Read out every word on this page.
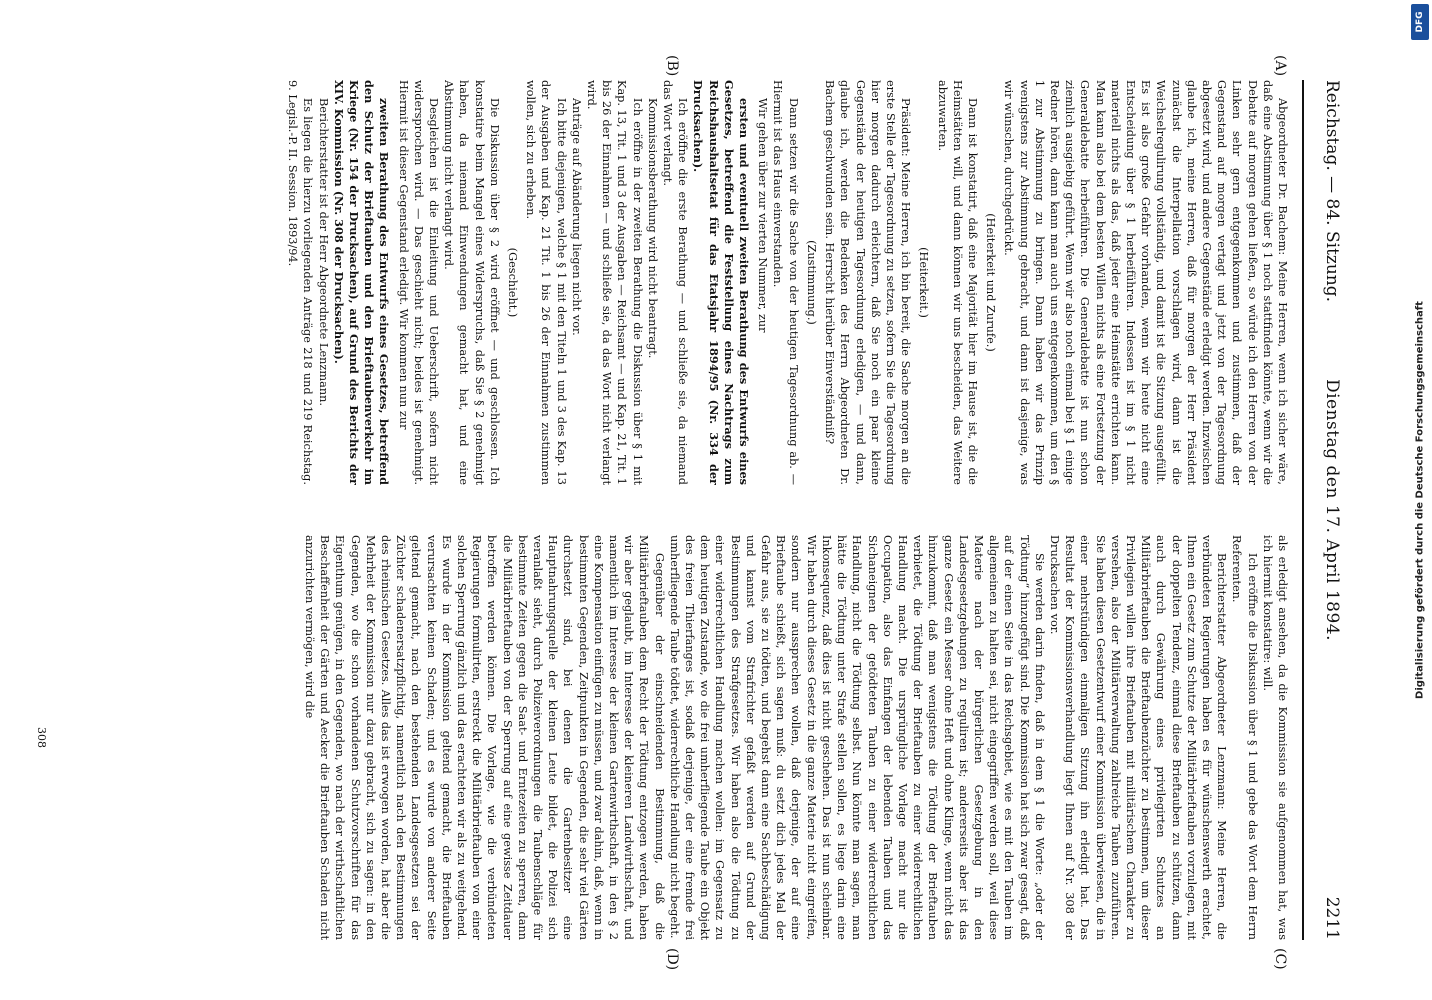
Reichstag. — 84. Sitzung.
Dienstag den 17. April 1894.
2211
(A)
(B)
(C)
(D)

Abgeordneter Dr. Bachem: Meine Herren, wenn ich sicher wäre, daß eine Abstimmung über § 1 noch stattfinden könnte, wenn wir die Debatte auf morgen gehen ließen, so würde ich den Herren von der Linken sehr gern entgegenkommen und zustimmen, daß der Gegenstand auf morgen vertagt und jetzt von der Tagesordnung abgesetzt wird, und andere Gegenstände erledigt werden. Inzwischen glaube ich, meine Herren, daß für morgen der Herr Präsident zunächst die Interpellation vorschlagen wird, dann ist die Weichselregulirung vollständig, und damit ist die Sitzung ausgefüllt. Es ist also große Gefahr vorhanden, wenn wir heute nicht eine Entscheidung über § 1 herbeiführen. Indessen ist im § 1 nicht materiell nichts als das, daß jeder eine Heimstätte errichten kann. Man kann also bei dem besten Willen nichts als eine Fortsetzung der Generaldebatte herbeiführen. Die Generaldebatte ist nun schon ziemlich ausgiebig geführt. Wenn wir also noch einmal bei § 1 einige Redner hören, dann kann man auch uns entgegenkommen, um den § 1 zur Abstimmung zu bringen. Dann haben wir das Prinzip wenigstens zur Abstimmung gebracht, und dann ist dasjenige, was wir wünschen, durchgedrückt.

(Heiterkeit und Zurufe.)

Dann ist konstatirt, daß eine Majorität hier im Hause ist, die die Heimstätten will, und dann können wir uns bescheiden, das Weitere abzuwarten.

(Heiterkeit.)

Präsident: Meine Herren, ich bin bereit, die Sache morgen an die erste Stelle der Tagesordnung zu setzen, sofern Sie die Tagesordnung hier morgen dadurch erleichtern, daß Sie noch ein paar kleine Gegenstände der heutigen Tagesordnung erledigen, — und dann, glaube ich, werden die Bedenken des Herrn Abgeordneten Dr. Bachem geschwunden sein. Herrscht hierüber Einverständniß?

(Zustimmung.)

Dann setzen wir die Sache von der heutigen Tagesordnung ab. — Hiermit ist das Haus einverstanden.

Wir gehen über zur vierten Nummer, zur

ersten und eventuell zweiten Berathung des Entwurfs eines Gesetzes, betreffend die Feststellung eines Nachtrags zum Reichshaushaltsetat für das Etatsjahr 1894/95 (Nr. 334 der Drucksachen).

Ich eröffne die erste Berathung — und schließe sie, da niemand das Wort verlangt.

Kommissionsberathung wird nicht beantragt.

Ich eröffne in der zweiten Berathung die Diskussion über § 1 mit Kap. 13, Tit. 1 und 3 der Ausgaben — Reichsamt — und Kap. 21, Tit. 1 bis 26 der Einnahmen — und schließe sie, da das Wort nicht verlangt wird.

Anträge auf Abänderung liegen nicht vor.

Ich bitte diejenigen, welche § 1 mit den Titeln 1 und 3 des Kap. 13 der Ausgaben und Kap. 21 Tit. 1 bis 26 der Einnahmen zustimmen wollen, sich zu erheben.

(Geschieht.)

Die Diskussion über § 2 wird eröffnet — und geschlossen. Ich konstatire beim Mangel eines Widerspruchs, daß Sie § 2 genehmigt haben, da niemand Einwendungen gemacht hat, und eine Abstimmung nicht verlangt wird.

Desgleichen ist die Einleitung und Ueberschrift, sofern nicht widersprochen wird. — Das geschieht nicht; beides ist genehmigt. Hiermit ist dieser Gegenstand erledigt. Wir kommen nun zur

zweiten Berathung des Entwurfs eines Gesetzes, betreffend den Schutz der Brieftauben und den Brieftaubenverkehr im Kriege (Nr. 154 der Drucksachen), auf Grund des Berichts der XIV. Kommission (Nr. 308 der Drucksachen).

Berichterstatter ist der Herr Abgeordnete Lenzmann.

Es liegen die hierzu vorliegenden Anträge 218 und 219 Reichstag. 9. Legisl.-P. II. Session. 1893/94.

als erledigt ansehen, da die Kommission sie aufgenommen hat, was ich hiermit konstatire: will.

Ich eröffne die Diskussion über § 1 und gebe das Wort dem Herrn Referenten.

Berichterstatter Abgeordneter Lenzmann: Meine Herren, die verbündeten Regierungen haben es für wünschenswerth erachtet, Ihnen ein Gesetz zum Schutze der Militärbrieftauben vorzulegen, mit der doppelten Tendenz, einmal diese Brieftauben zu schützen, dann auch durch Gewährung eines privilegirten Schutzes an Militärbrieftauben die Brieftaubenzüchter zu bestimmen, um dieser Privilegien willen ihre Brieftauben mit militärischem Charakter zu versehen, also der Militärverwaltung zahlreiche Tauben zuzuführen. Sie haben diesen Gesetzentwurf einer Kommission überwiesen, die in einer mehrstündigen einmaligen Sitzung ihn erledigt hat. Das Resultat der Kommissionsverhandlung liegt Ihnen auf Nr. 308 der Drucksachen vor.

Sie werden darin finden, daß in dem § 1 die Worte: „oder der Tödtung“ hinzugefügt sind. Die Kommission hat sich zwar gesagt, daß auf der einen Seite in das Reichsgebiet, wie es mit den Tauben im allgemeinen zu halten sei, nicht eingegriffen werden soll, weil diese Materie nach der bürgerlichen Gesetzgebung in den Landesgesetzgebungen zu reguliren ist; andererseits aber ist das ganze Gesetz ein Messer ohne Heft und ohne Klinge, wenn nicht das hinzukommt, daß man wenigstens die Tödtung der Brieftauben verbietet, die Tödtung der Brieftauben zu einer widerrechtlichen Handlung macht. Die ursprüngliche Vorlage macht nur die Occupation, also das Einfangen der lebenden Tauben und das Sichaneignen der getödteten Tauben zu einer widerrechtlichen Handlung, nicht die Tödtung selbst. Nun könnte man sagen, man hätte die Tödtung unter Strafe stellen sollen, es liege darin eine Inkonsequenz, daß dies ist nicht geschehen. Das ist nun scheinbar. Wir haben durch dieses Gesetz in die ganze Materie nicht eingreifen, sondern nur aussprechen wollen, daß derjenige, der auf eine Brieftaube schießt, sich sagen muß: du setzt dich jedes Mal der Gefahr aus, sie zu tödten, und begehst dann eine Sachbeschädigung und kannst vom Strafrichter gefaßt werden auf Grund der Bestimmungen des Strafgesetzes. Wir haben also die Tödtung zu einer widerrechtlichen Handlung machen wollen: im Gegensatz zu dem heutigen Zustande, wo die frei umherfliegende Taube ein Objekt des freien Thierfanges ist, sodaß derjenige, der eine fremde frei umherfliegende Taube tödtet, widerrechtliche Handlung nicht begeht.

Gegenüber der einschneidenden Bestimmung, daß die Militärbrieftauben dem Recht der Tödtung entzogen werden, haben wir aber geglaubt, im Interesse der kleineren Landwirthschaft, und namentlich im Interesse der kleinen Gartenwirthschaft, in den § 2 eine Kompensation einfügen zu müssen, und zwar dahin, daß, wenn in bestimmten Gegenden, Zeitpunkten in Gegenden, die sehr viel Gärten durchsetzt sind, bei denen die Gartenbesitzer eine Hauptnahrungsquelle der kleinen Leute bildet, die Polizei sich veranlaßt sieht, durch Polizeiverordnungen die Taubenschläge für bestimmte Zeiten gegen die Saat- und Erntezeiten zu sperren, dann die Militärbrieftauben von der Sperrung auf eine gewisse Zeitdauer betroffen werden können. Die Vorlage, wie die verbündeten Regierungen formulirten, erstreckt die Militärbrieftauben von einer solchen Sperrung gänzlich und das erachteten wir als zu weitgehend. Es wurde in der Kommission geltend gemacht, die Brieftauben verursachten keinen Schaden; und es wurde von anderer Seite geltend gemacht, nach den bestehenden Landesgesetzen sei der Züchter schadenersatzpflichtig, namentlich nach den Bestimmungen des rheinischen Gesetzes. Alles das ist erwogen worden, hat aber die Mehrheit der Kommission nur dazu gebracht, sich zu sagen: in den Gegenden, wo die schon vorhandenen Schutzvorschriften für das Eigenthum genügen, in den Gegenden, wo nach der wirthschaftlichen Beschaffenheit der Gärten und Aecker die Brieftauben Schaden nicht anzurichten vermögen, wird die

308
DFG
Digitalisierung gefördert durch die Deutsche Forschungsgemeinschaft
